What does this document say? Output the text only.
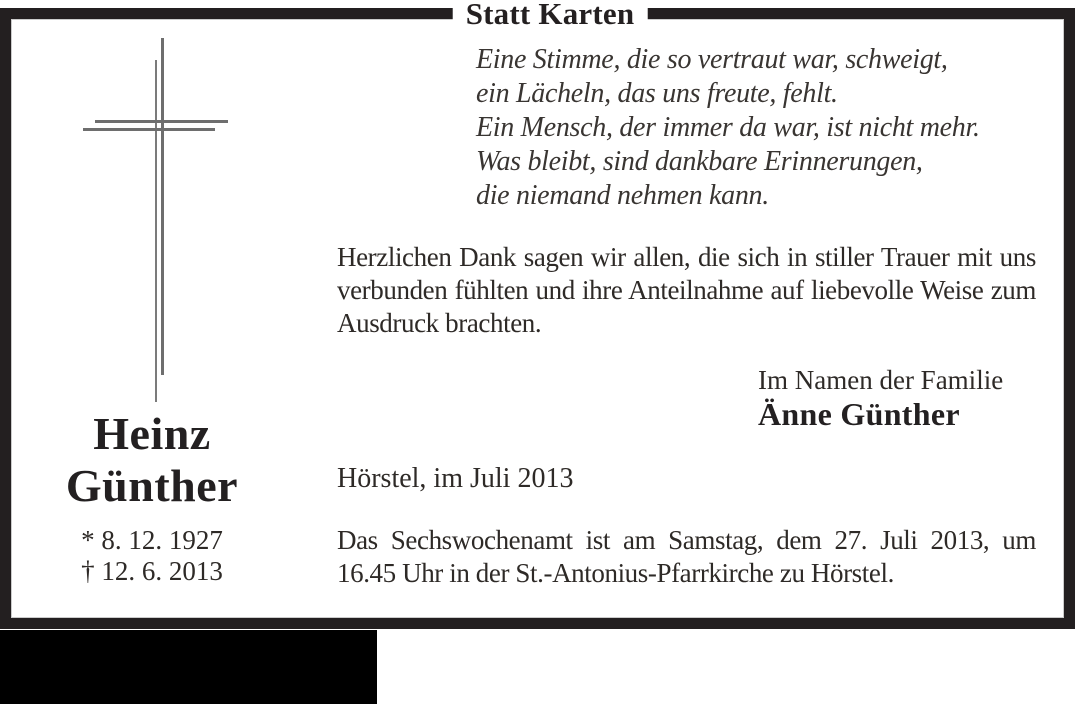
Statt Karten
Heinz
Günther
* 8. 12. 1927
† 12. 6. 2013
Eine Stimme, die so vertraut war, schweigt,
ein Lächeln, das uns freute, fehlt.
Ein Mensch, der immer da war, ist nicht mehr.
Was bleibt, sind dankbare Erinnerungen,
die niemand nehmen kann.
Herzlichen Dank sagen wir allen, die sich in stiller Trauer mit uns verbunden fühlten und ihre Anteilnahme auf liebevolle Weise zum Ausdruck brachten.
Im Namen der Familie
Änne Günther
Hörstel, im Juli 2013
Das Sechswochenamt ist am Samstag, dem 27. Juli 2013, um 16.45 Uhr in der St.-Antonius-Pfarrkirche zu Hörstel.
